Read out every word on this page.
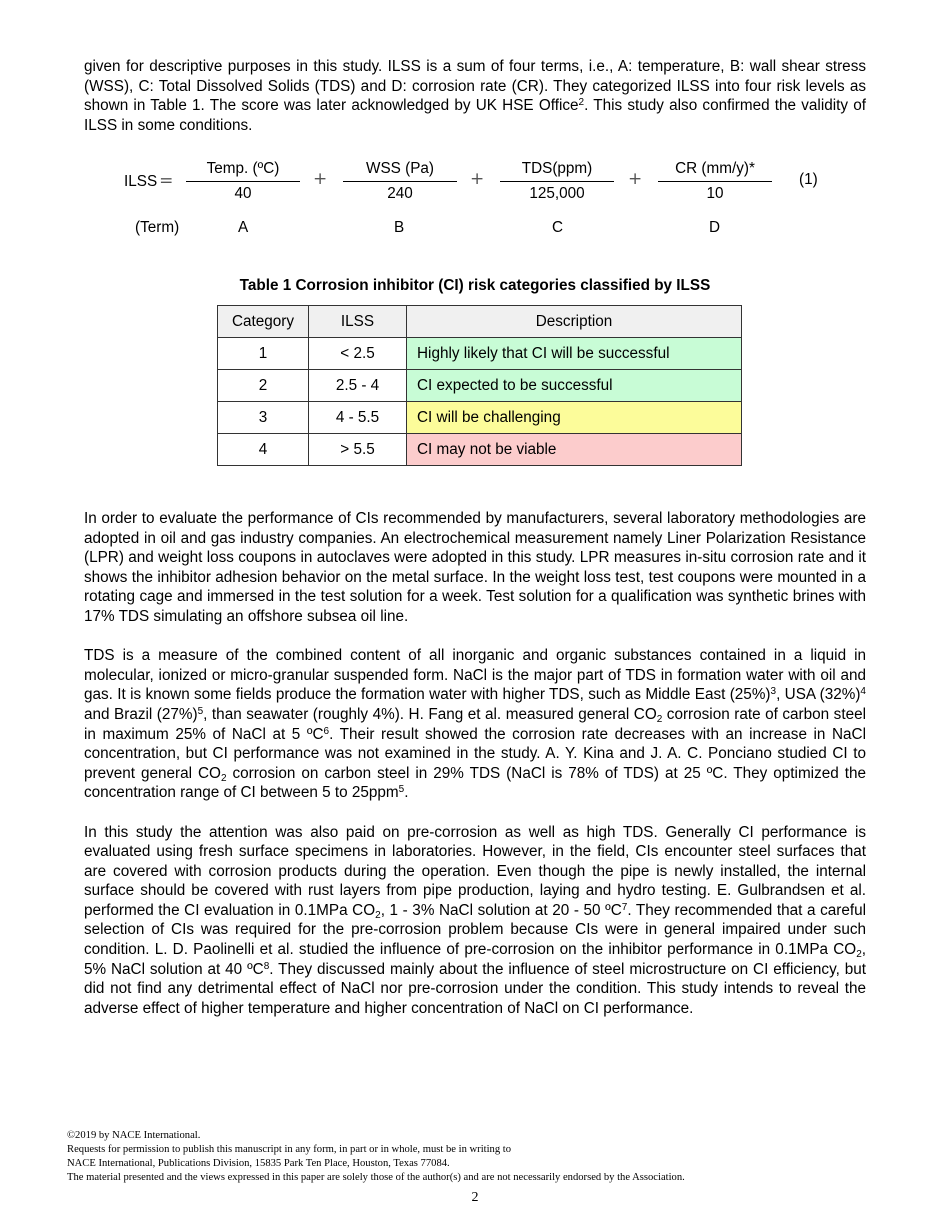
given for descriptive purposes in this study. ILSS is a sum of four terms, i.e., A: temperature, B: wall shear stress (WSS), C: Total Dissolved Solids (TDS) and D: corrosion rate (CR). They categorized ILSS into four risk levels as shown in Table 1. The score was later acknowledged by UK HSE Office$^2$. This study also confirmed the validity of ILSS in some conditions.

ILSS =
Temp. (ºC)
40
+
WSS (Pa)
240
+
TDS(ppm)
125,000
+
CR (mm/y)*
10
(1)
(Term)	A	B	C	D
Table 1 Corrosion inhibitor (CI) risk categories classified by ILSS
Category	ILSS	Description
1	< 2.5	Highly likely that CI will be successful
2	2.5 - 4	CI expected to be successful
3	4 - 5.5	CI will be challenging
4	> 5.5	CI may not be viable

In order to evaluate the performance of CIs recommended by manufacturers, several laboratory methodologies are adopted in oil and gas industry companies. An electrochemical measurement namely Liner Polarization Resistance (LPR) and weight loss coupons in autoclaves were adopted in this study. LPR measures in-situ corrosion rate and it shows the inhibitor adhesion behavior on the metal surface. In the weight loss test, test coupons were mounted in a rotating cage and immersed in the test solution for a week. Test solution for a qualification was synthetic brines with 17% TDS simulating an offshore subsea oil line.

TDS is a measure of the combined content of all inorganic and organic substances contained in a liquid in molecular, ionized or micro-granular suspended form. NaCl is the major part of TDS in formation water with oil and gas. It is known some fields produce the formation water with higher TDS, such as Middle East $(25\%)^3$, USA $(32\%)^4$ and Brazil $(27\%)^5$, than seawater (roughly 4%). H. Fang et al. measured general $CO_2$ corrosion rate of carbon steel in maximum 25% of NaCl at 5 ºC$^6$. Their result showed the corrosion rate decreases with an increase in NaCl concentration, but CI performance was not examined in the study. A. Y. Kina and J. A. C. Ponciano studied CI to prevent general $CO_2$ corrosion on carbon steel in 29% TDS (NaCl is 78% of TDS) at 25 ºC. They optimized the concentration range of CI between 5 to 25ppm$^5$.

In this study the attention was also paid on pre-corrosion as well as high TDS. Generally CI performance is evaluated using fresh surface specimens in laboratories. However, in the field, CIs encounter steel surfaces that are covered with corrosion products during the operation. Even though the pipe is newly installed, the internal surface should be covered with rust layers from pipe production, laying and hydro testing. E. Gulbrandsen et al. performed the CI evaluation in 0.1MPa $CO_2$, 1 - 3% NaCl solution at 20 - 50 ºC$^7$. They recommended that a careful selection of CIs was required for the pre-corrosion problem because CIs were in general impaired under such condition. L. D. Paolinelli et al. studied the influence of pre-corrosion on the inhibitor performance in 0.1MPa $CO_2$, 5% NaCl solution at 40 ºC$^8$. They discussed mainly about the influence of steel microstructure on CI efficiency, but did not find any detrimental effect of NaCl nor pre-corrosion under the condition. This study intends to reveal the adverse effect of higher temperature and higher concentration of NaCl on CI performance.

©2019 by NACE International.
Requests for permission to publish this manuscript in any form, in part or in whole, must be in writing to
NACE International, Publications Division, 15835 Park Ten Place, Houston, Texas 77084.
The material presented and the views expressed in this paper are solely those of the author(s) and are not necessarily endorsed by the Association.
2
